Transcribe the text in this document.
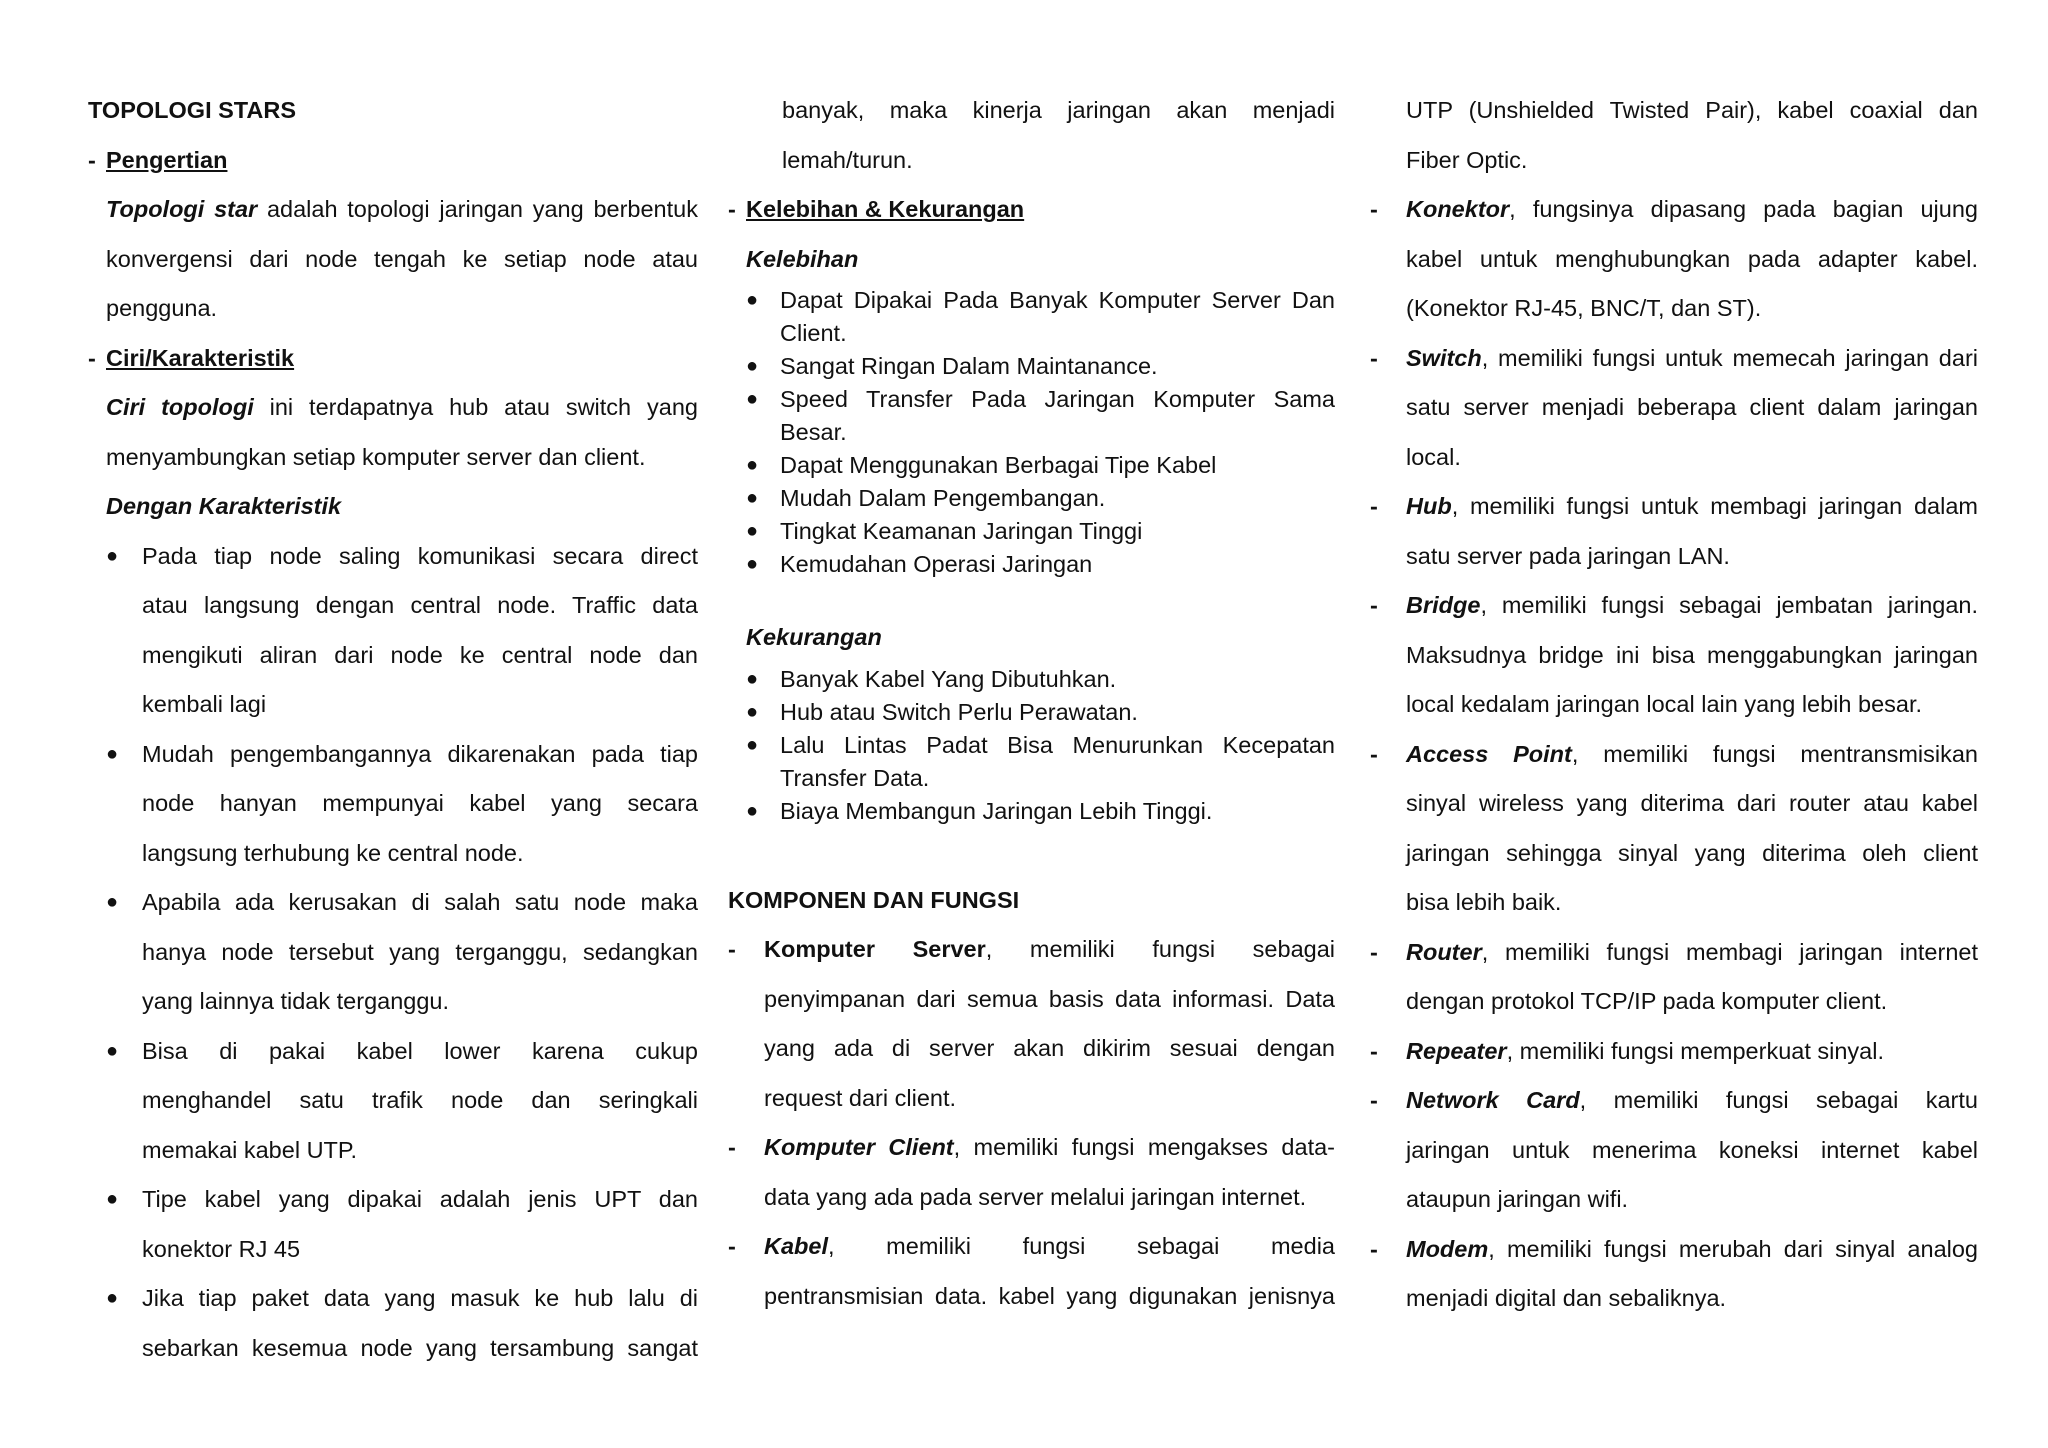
TOPOLOGI STARS
- Pengertian
Topologi star adalah topologi jaringan yang berbentuk
konvergensi dari node tengah ke setiap node atau
pengguna.
- Ciri/Karakteristik
Ciri topologi ini terdapatnya hub atau switch yang
menyambungkan setiap komputer server dan client.
Dengan Karakteristik
● Pada tiap node saling komunikasi secara direct
atau langsung dengan central node. Traffic data
mengikuti aliran dari node ke central node dan
kembali lagi
● Mudah pengembangannya dikarenakan pada tiap
node hanyan mempunyai kabel yang secara
langsung terhubung ke central node.
● Apabila ada kerusakan di salah satu node maka
hanya node tersebut yang terganggu, sedangkan
yang lainnya tidak terganggu.
● Bisa di pakai kabel lower karena cukup
menghandel satu trafik node dan seringkali
memakai kabel UTP.
● Tipe kabel yang dipakai adalah jenis UPT dan
konektor RJ 45
● Jika tiap paket data yang masuk ke hub lalu di
sebarkan kesemua node yang tersambung sangat
banyak, maka kinerja jaringan akan menjadi
lemah/turun.
- Kelebihan & Kekurangan
Kelebihan
● Dapat Dipakai Pada Banyak Komputer Server Dan
Client.
● Sangat Ringan Dalam Maintanance.
● Speed Transfer Pada Jaringan Komputer Sama
Besar.
● Dapat Menggunakan Berbagai Tipe Kabel
● Mudah Dalam Pengembangan.
● Tingkat Keamanan Jaringan Tinggi
● Kemudahan Operasi Jaringan
Kekurangan
● Banyak Kabel Yang Dibutuhkan.
● Hub atau Switch Perlu Perawatan.
● Lalu Lintas Padat Bisa Menurunkan Kecepatan
Transfer Data.
● Biaya Membangun Jaringan Lebih Tinggi.
KOMPONEN DAN FUNGSI
- Komputer Server, memiliki fungsi sebagai
penyimpanan dari semua basis data informasi. Data
yang ada di server akan dikirim sesuai dengan
request dari client.
- Komputer Client, memiliki fungsi mengakses data-
data yang ada pada server melalui jaringan internet.
- Kabel, memiliki fungsi sebagai media
pentransmisian data. kabel yang digunakan jenisnya
UTP (Unshielded Twisted Pair), kabel coaxial dan
Fiber Optic.
- Konektor, fungsinya dipasang pada bagian ujung
kabel untuk menghubungkan pada adapter kabel.
(Konektor RJ-45, BNC/T, dan ST).
- Switch, memiliki fungsi untuk memecah jaringan dari
satu server menjadi beberapa client dalam jaringan
local.
- Hub, memiliki fungsi untuk membagi jaringan dalam
satu server pada jaringan LAN.
- Bridge, memiliki fungsi sebagai jembatan jaringan.
Maksudnya bridge ini bisa menggabungkan jaringan
local kedalam jaringan local lain yang lebih besar.
- Access Point, memiliki fungsi mentransmisikan
sinyal wireless yang diterima dari router atau kabel
jaringan sehingga sinyal yang diterima oleh client
bisa lebih baik.
- Router, memiliki fungsi membagi jaringan internet
dengan protokol TCP/IP pada komputer client.
- Repeater, memiliki fungsi memperkuat sinyal.
- Network Card, memiliki fungsi sebagai kartu
jaringan untuk menerima koneksi internet kabel
ataupun jaringan wifi.
- Modem, memiliki fungsi merubah dari sinyal analog
menjadi digital dan sebaliknya.
